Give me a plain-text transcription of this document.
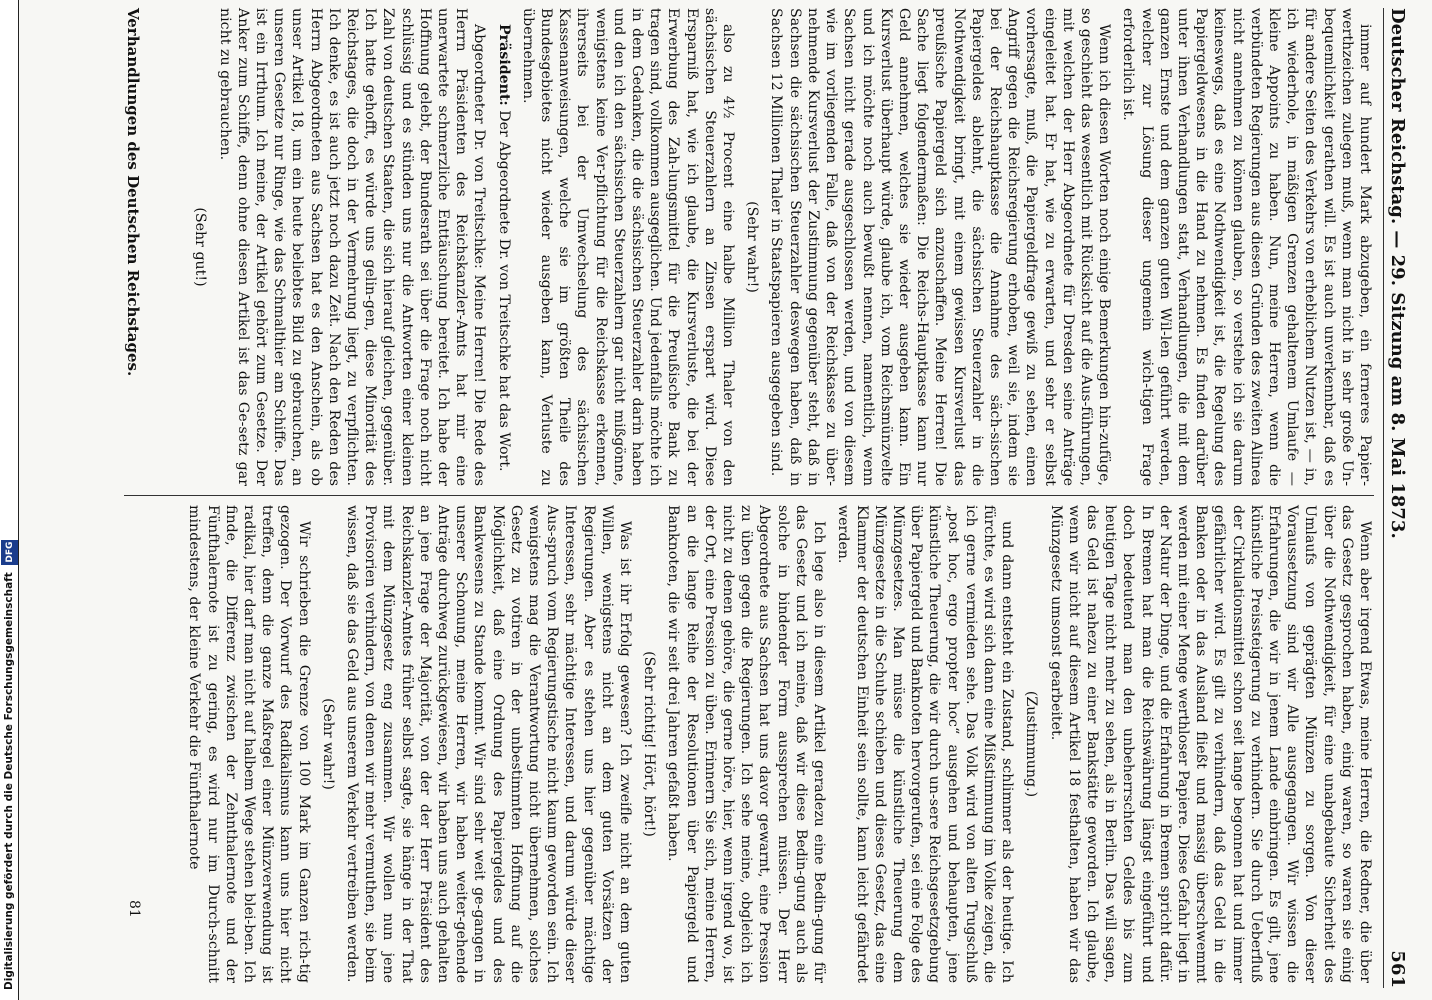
Digitalisierung gefördert durch die Deutsche Forschungsgemeinschaft DFG
Deutscher Reichstag. — 29. Sitzung am 8. Mai 1873.
561

immer auf hundert Mark abzugeben, ein ferneres Papier-werthzeichen zulegen muß, wenn man nicht in sehr große Un-bequemlichkeit gerathen will. Es ist auch unverkennbar, daß es für andere Seiten des Verkehrs von erheblichem Nutzen ist, — in, ich wiederhole, in mäßigen Grenzen gehaltenem Umlaufe — kleine Appoints zu haben. Nun, meine Herren, wenn die verbündeten Regierungen aus diesen Gründen des zweiten Alinea nicht annehmen zu können glauben, so verstehe ich sie darum keineswegs, daß es eine Nothwendigkeit ist, die Regelung des Papiergeldwesens in die Hand zu nehmen. Es finden darüber unter ihnen Verhandlungen statt, Verhandlungen, die mit dem ganzen Ernste und dem ganzen guten Wil-len geführt werden, welcher zur Lösung dieser ungemein wich-tigen Frage erforderlich ist.

Wenn ich diesen Worten noch einige Bemerkungen hin-zufüge, so geschieht das wesentlich mit Rücksicht auf die Aus-führungen, mit welchen der Herr Abgeordnete für Dresden seine Anträge eingeleitet hat. Er hat, wie zu erwarten, und sehr er selbst vorhersagte, muß, die Papiergeldfrage gewiß zu sehen, einen Angriff gegen die Reichsregierung erhoben, weil sie, indem sie bei der Reichshauptkasse die Annahme des säch-sischen Papiergeldes ablehnt, die sächsischen Steuerzahler in die Nothwendigkeit bringt, mit einem gewissen Kursverlust das preußische Papiergeld sich anzuschaffen. Meine Herren! Die Sache liegt folgendermaßen: Die Reichs-Hauptkasse kann nur Geld annehmen, welches sie wieder ausgeben kann. Ein Kursverlust überhaupt würde, glaube ich, vom Reichsmünzvelte und ich möchte noch auch bewußt nennen, namentlich, wenn Sachsen nicht gerade ausgeschlossen werden, und von diesem wie im vorliegenden Falle, daß von der Reichskasse zu über-nehmende Kursverlust der Zustimmung gegenüber steht, daß in Sachsen die sächsischen Steuerzahler deswegen haben, daß in Sachsen 12 Millionen Thaler in Staatspapieren ausgegeben sind.

(Sehr wahr!)

also zu 4½ Procent eine halbe Million Thaler von den sächsischen Steuerzahlern an Zinsen erspart wird. Diese Ersparniß hat, wie ich glaube, die Kursverluste, die bei der Erwerbung des Zah-lungsmittel für die Preußische Bank zu tragen sind, vollkommen ausgeglichen. Und jedenfalls möchte ich in dem Gedanken, die die sächsischen Steuerzahler darin haben und den ich den sächsischen Steuerzahlern gar nicht mißgönne, wenigstens keine Ver-pflichtung für die Reichskasse erkennen, ihrerseits bei der Umwechselung des sächsischen Kassenanweisungen, welche sie im größten Theile des Bundesgebietes nicht wieder ausgeben kann, Verluste zu übernehmen.

Präsident: Der Abgeordnete Dr. von Treitschke hat das Wort.

Abgeordneter Dr. von Treitschke: Meine Herren! Die Rede des Herrn Präsidenten des Reichskanzler-Amts hat mir eine unerwartete schmerzliche Enttäuschung bereitet. Ich habe der Hoffnung gelebt, der Bundesrath sei über die Frage noch nicht schlüssig und es stünden uns nur die Antworten einer kleinen Zahl von deutschen Staaten, die sich hierauf gleichen, gegenüber. Ich hatte gehofft, es würde uns gelin-gen, diese Minorität des Reichstages, die doch in der Vermehrung liegt, zu verpflichten. Ich denke, es ist auch jetzt noch dazu Zeit. Nach den Reden des Herrn Abgeordneten aus Sachsen hat es den Anschein, als ob unser Artikel 18, um ein heute beliebtes Bild zu gebrauchen, an unseren Gesetze nur Ringe, wie das Schmalthier am Schiffe. Das ist ein Irrthum. Ich meine, der Artikel gehört zum Gesetze. Der Anker zum Schiffe, denn ohne diesen Artikel ist das Ge-setz gar nicht zu gebrauchen.

(Sehr gut!)

Wenn aber irgend Etwas, meine Herren, die Redner, die über das Gesetz gesprochen haben, einig waren, so waren sie einig über die Nothwendigkeit, für eine unabgebaute Sicherheit des Umlaufs von geprägten Münzen zu sorgen. Von dieser Voraussetzung sind wir Alle ausgegangen. Wir wissen die Erfahrungen, die wir in jenem Lande einbringen. Es gilt, jene künstliche Preissteigerung zu verhindern. Sie durch Ueberfluß der Cirkulationsmittel schon seit lange begonnen hat und immer gefährlicher wird. Es gilt zu verhindern, daß das Geld in die Banken oder in das Ausland fließt und massig überschwemmt werden mit einer Menge werthloser Papiere. Diese Gefahr liegt in der Natur der Dinge, und die Erfahrung in Bremen spricht dafür. In Bremen hat man die Reichswährung längst eingeführt und doch bedeutend man den unbeherrschten Geldes bis zum heutigen Tage nicht mehr zu sehen, als in Berlin. Das will sagen, das Geld ist nahezu zu einer Bankstätte geworden. Ich glaube, wenn wir nicht auf diesem Artikel 18 festhalten, haben wir das Münzgesetz umsonst gearbeitet.

(Zustimmung.)

und dann entsteht ein Zustand, schlimmer als der heutige. Ich fürchte, es wird sich dann eine Mißstimmung im Volke zeigen, die ich gerne vermieden sehe. Das Volk wird von alten Trugschluß „post hoc, ergo propter hoc“ ausgehen und behaupten, jene künstliche Theuerung, die wir durch un-sere Reichsgesetzgebung über Papiergeld und Banknoten hervorgerufen, sei eine Folge des Münzgesetzes. Man müsse die künstliche Theuerung dem Münzgesetze in die Schuhe schieben und dieses Gesetz, das eine Klammer der deutschen Einheit sein sollte, kann leicht gefährdet werden.

Ich lege also in diesem Artikel geradezu eine Bedin-gung für das Gesetz und ich meine, daß wir diese Bedin-gung auch als solche in bindender Form aussprechen müssen. Der Herr Abgeordnete aus Sachsen hat uns davor gewarnt, eine Pression zu üben gegen die Regierungen. Ich sehe meine, obgleich ich nicht zu denen gehöre, die gerne höre, hier, wenn irgend wo, ist der Ort, eine Pression zu üben. Erinnern Sie sich, meine Herren, an die lange Reihe der Resolutionen über Papiergeld und Banknoten, die wir seit drei Jahren gefaßt haben.

(Sehr richtig! Hört, hört!)

Was ist ihr Erfolg gewesen? Ich zweifle nicht an dem guten Willen, wenigstens nicht an dem guten Vorsätzen der Regierungen. Aber es stehen uns hier gegenüber mächtige Interessen, sehr mächtige Interessen, und darum würde dieser Aus-spruch vom Regierungstische nicht kaum geworden sein. Ich wenigstens mag die Verantwortung nicht übernehmen, solches Gesetz zu votiren in der unbestimmten Hoffnung auf die Möglichkeit, daß eine Ordnung des Papiergeldes und des Bankwesens zu Stande kommt. Wir sind sehr weit ge-gangen in unserer Schonung, meine Herren, wir haben weiter-gehende Anträge durchweg zurückgewiesen, wir haben uns auch gehalten an jene Frage der Majorität, von der der Herr Präsident des Reichskanzler-Amtes früher selbst sagte, sie hänge in der That mit dem Münzgesetz eng zusammen. Wir wollen nun jene Provisorien verhindern, von denen wir mehr vermuthen, sie beim wissen, daß sie das Geld aus unserem Verkehr vertreiben werden.

(Sehr wahr!)

Wir schrieben die Grenze von 100 Mark im Ganzen rich-tig gezogen. Der Vorwurf des Radikalismus kann uns hier nicht treffen, denn die ganze Maßregel einer Münzverwendung ist radikal, hier darf man nicht auf halbem Wege stehen blei-ben. Ich finde, die Differenz zwischen der Zehnthalernote und der Fünfthalernote ist zu gering, es wird nur im Durch-schnitt mindestens, der kleine Verkehr die Fünfthalernote

Verhandlungen des Deutschen Reichstages.
81
